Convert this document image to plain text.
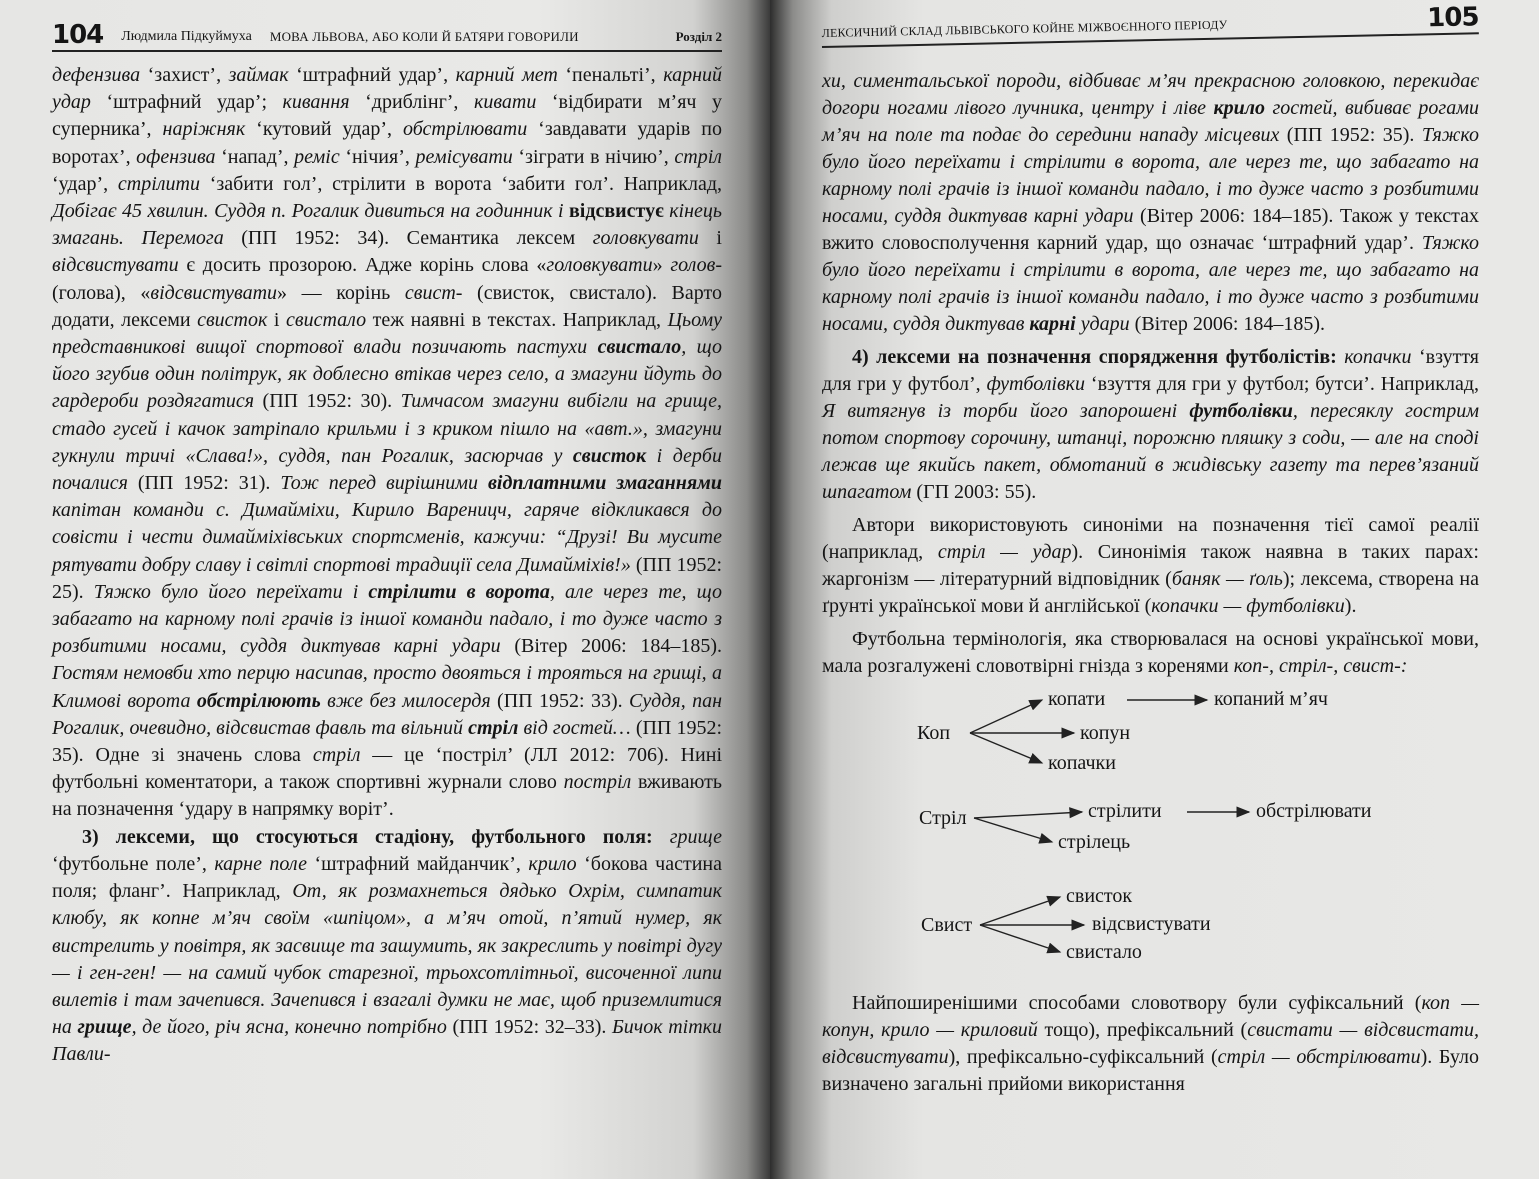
104 Людмила Підкуймуха МОВА ЛЬВОВА, АБО КОЛИ Й БАТЯРИ ГОВОРИЛИ	Розділ 2

дефензива ‘захист’, займак ‘штрафний удар’, карний мет ‘пенальті’, карний удар ‘штрафний удар’; кивання ‘дриблінг’, кивати ‘відбирати м’яч у суперника’, наріжняк ‘кутовий удар’, обстрілювати ‘завдавати ударів по воротах’, офензива ‘напад’, реміс ‘нічия’, ремісувати ‘зіграти в нічию’, стріл ‘удар’, стрілити ‘забити гол’, стрілити в ворота ‘забити гол’. Наприклад, Добігає 45 хвилин. Суддя п. Рогалик дивиться на годинник і відсвистує кінець змагань. Перемога (ПП 1952: 34). Семантика лексем головкувати і відсвистувати є досить прозорою. Адже корінь слова «головкувати» голов-(голова), «відсвистувати» — корінь свист- (свисток, свистало). Варто додати, лексеми свисток і свистало теж наявні в текстах. Наприклад, Цьому представникові вищої спортової влади позичають пастухи свистало, що його згубив один політрук, як доблесно втікав через село, а змагуни йдуть до гардероби роздягатися (ПП 1952: 30). Тимчасом змагуни вибігли на грище, стадо гусей і качок затріпало крильми і з криком пішло на «авт.», змагуни гукнули тричі «Слава!», суддя, пан Рогалик, засюрчав у свисток і дерби почалися (ПП 1952: 31). Тож перед вирішними відплатними змаганнями капітан команди с. Димайміхи, Кирило Вареницч, гаряче відкликався до совісти і чести димайміхівських спортсменів, кажучи: “Друзі! Ви мусите рятувати добру славу і світлі спортові традиції села Димайміхів!» (ПП 1952: 25). Тяжко було його переїхати і стрілити в ворота, але через те, що забагато на карному полі грачів із іншої команди падало, і то дуже часто з розбитими носами, суддя диктував карні удари (Вітер 2006: 184–185). Гостям немовби хто перцю насипав, просто двояться і трояться на грищі, а Климові ворота обстрілюють вже без милосердя (ПП 1952: 33). Суддя, пан Рогалик, очевидно, відсвистав фавль та вільний стріл від гостей… (ПП 1952: 35). Одне зі значень слова стріл — це ‘постріл’ (ЛЛ 2012: 706). Нині футбольні коментатори, а також спортивні журнали слово постріл вживають на позначення ‘удару в напрямку воріт’.

3) лексеми, що стосуються стадіону, футбольного поля: грище ‘футбольне поле’, карне поле ‘штрафний майданчик’, крило ‘бокова частина поля; фланг’. Наприклад, От, як розмахнеться дядько Охрім, симпатик клюбу, як копне м’яч своїм «шпіцом», а м’яч отой, п’ятий нумер, як вистрелить у повітря, як засвище та зашумить, як закреслить у повітрі дугу — і ген-ген! — на самий чубок старезної, трьохсотлітньої, височенної липи вилетів і там зачепився. Зачепився і взагалі думки не має, щоб приземлитися на грище, де його, річ ясна, конечно потрібно (ПП 1952: 32–33). Бичок тітки Павли-

ЛЕКСИЧНИЙ СКЛАД ЛЬВІВСЬКОГО КОЙНЕ МІЖВОЄННОГО ПЕРІОДУ	105

хи, симентальської породи, відбиває м’яч прекрасною головкою, перекидає догори ногами лівого лучника, центру і ліве крило гостей, вибиває рогами м’яч на поле та подає до середини нападу місцевих (ПП 1952: 35). Тяжко було його переїхати і стрілити в ворота, але через те, що забагато на карному полі грачів із іншої команди падало, і то дуже часто з розбитими носами, суддя диктував карні удари (Вітер 2006: 184–185). Також у текстах вжито словосполучення карний удар, що означає ‘штрафний удар’. Тяжко було його переїхати і стрілити в ворота, але через те, що забагато на карному полі грачів із іншої команди падало, і то дуже часто з розбитими носами, суддя диктував карні удари (Вітер 2006: 184–185).

4) лексеми на позначення спорядження футболістів: копачки ‘взуття для гри у футбол’, футболівки ‘взуття для гри у футбол; бутси’. Наприклад, Я витягнув із торби його запорошені футболівки, пересяклу гострим потом спортову сорочину, штанці, порожню пляшку з соди, — але на споді лежав ще якийсь пакет, обмотаний в жидівську газету та перев’язаний шпагатом (ГП 2003: 55).

Автори використовують синоніми на позначення тієї самої реалії (наприклад, стріл — удар). Синонімія також наявна в таких парах: жаргонізм — літературний відповідник (баняк — ґоль); лексема, створена на ґрунті української мови й англійської (копачки — футболівки).

Футбольна термінологія, яка створювалася на основі української мови, мала розгалужені словотвірні гнізда з коренями коп-, стріл-, свист-:

Коп
копати	копаний м’яч
копун
копачки
Стріл	стрілити	обстрілювати
стрілець
Свист
свисток
відсвистувати
свистало

Найпоширенішими способами словотвору були суфіксальний (коп — копун, крило — криловий тощо), префіксальний (свистати — відсвистати, відсвистувати), префіксально-суфіксальний (стріл — обстрілювати). Було визначено загальні прийоми використання
